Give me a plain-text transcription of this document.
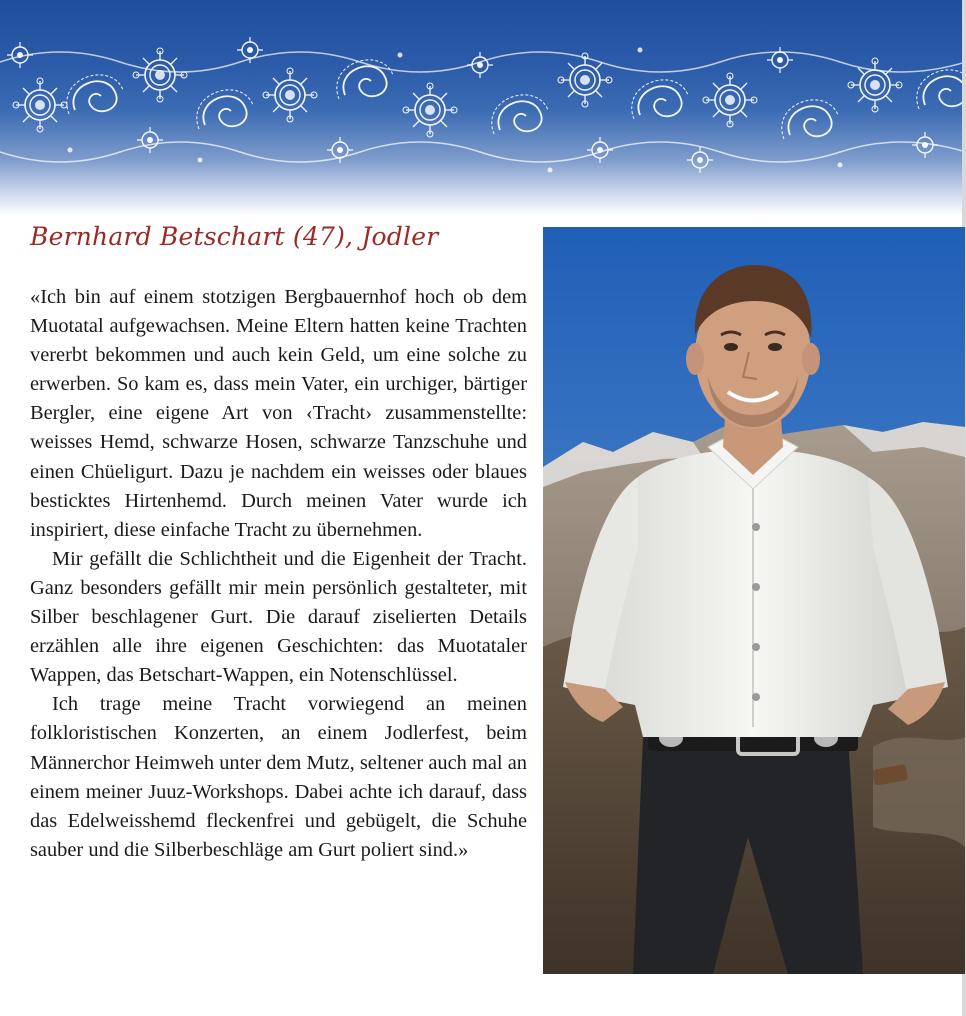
Bernhard Betschart (47), Jodler

«Ich bin auf einem stotzigen Bergbauernhof hoch ob dem Muotatal aufgewachsen. Meine Eltern hatten keine Trachten vererbt bekommen und auch kein Geld, um eine solche zu erwerben. So kam es, dass mein Vater, ein urchiger, bärtiger Bergler, eine eigene Art von ‹Tracht› zusammenstellte: weisses Hemd, schwarze Hosen, schwarze Tanzschuhe und einen Chüeligurt. Dazu je nachdem ein weisses oder blaues besticktes Hirtenhemd. Durch meinen Vater wurde ich inspiriert, diese einfache Tracht zu übernehmen.

Mir gefällt die Schlichtheit und die Eigenheit der Tracht. Ganz besonders gefällt mir mein persönlich gestalteter, mit Silber beschlagener Gurt. Die darauf ziselierten Details erzählen alle ihre eigenen Geschichten: das Muotataler Wappen, das Betschart-Wappen, ein Notenschlüssel.

Ich trage meine Tracht vorwiegend an meinen folkloristischen Konzerten, an einem Jodlerfest, beim Männerchor Heimweh unter dem Mutz, seltener auch mal an einem meiner Juuz-Workshops. Dabei achte ich darauf, dass das Edelweisshemd fleckenfrei und gebügelt, die Schuhe sauber und die Silberbeschläge am Gurt poliert sind.»
